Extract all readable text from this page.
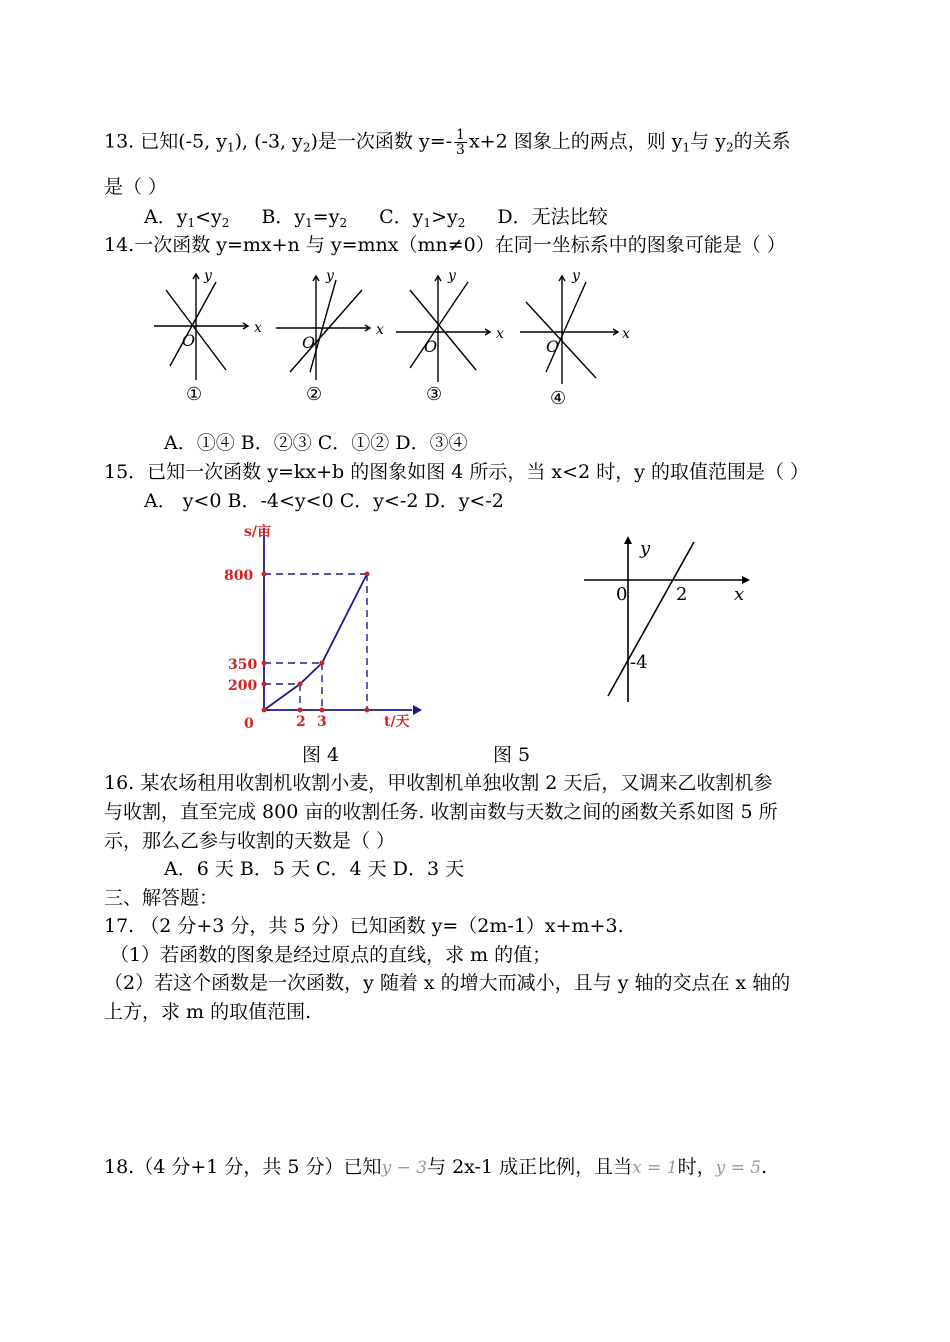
13. 已知(-5, $y_1$), (-3, $y_2$)是一次函数 $y=- \frac{1}{3} x+2$ 图象上的两点，则 $y_1$与 $y_2$的关系
是（ ）
A．$y_1<y_2$ B．$y_1=y_2$ C．$y_1>y_2$ D．无法比较
14.一次函数 y=mx+n 与 y=mnx（mn≠0）在同一坐标系中的图象可能是（ ）
y
x
O
y
x
O
y
x
O
y
x
O
①	②	③	④
A．①④ B．②③ C．①② D．③④
15．已知一次函数 y=kx+b 的图象如图 4 所示，当 x<2 时，y 的取值范围是（ ）
A． y<0 B．-4<y<0 C．y<-2 D．y<-2
s/亩
800
350
200
0	2 3	t/天
y
x
0	2
-4
图 4	图 5
16. 某农场租用收割机收割小麦，甲收割机单独收割 2 天后，又调来乙收割机参
与收割，直至完成 800 亩的收割任务. 收割亩数与天数之间的函数关系如图 5 所
示，那么乙参与收割的天数是（ ）
A．6 天 B．5 天 C．4 天 D．3 天
三、解答题：
17. （2 分+3 分，共 5 分）已知函数 y=（2m-1）x+m+3.
（1）若函数的图象是经过原点的直线，求 m 的值；
（2）若这个函数是一次函数，y 随着 x 的增大而减小，且与 y 轴的交点在 x 轴的
上方，求 m 的取值范围.
18.（4 分+1 分，共 5 分）已知y − 3与 2x-1 成正比例，且当x = 1时，y = 5.
